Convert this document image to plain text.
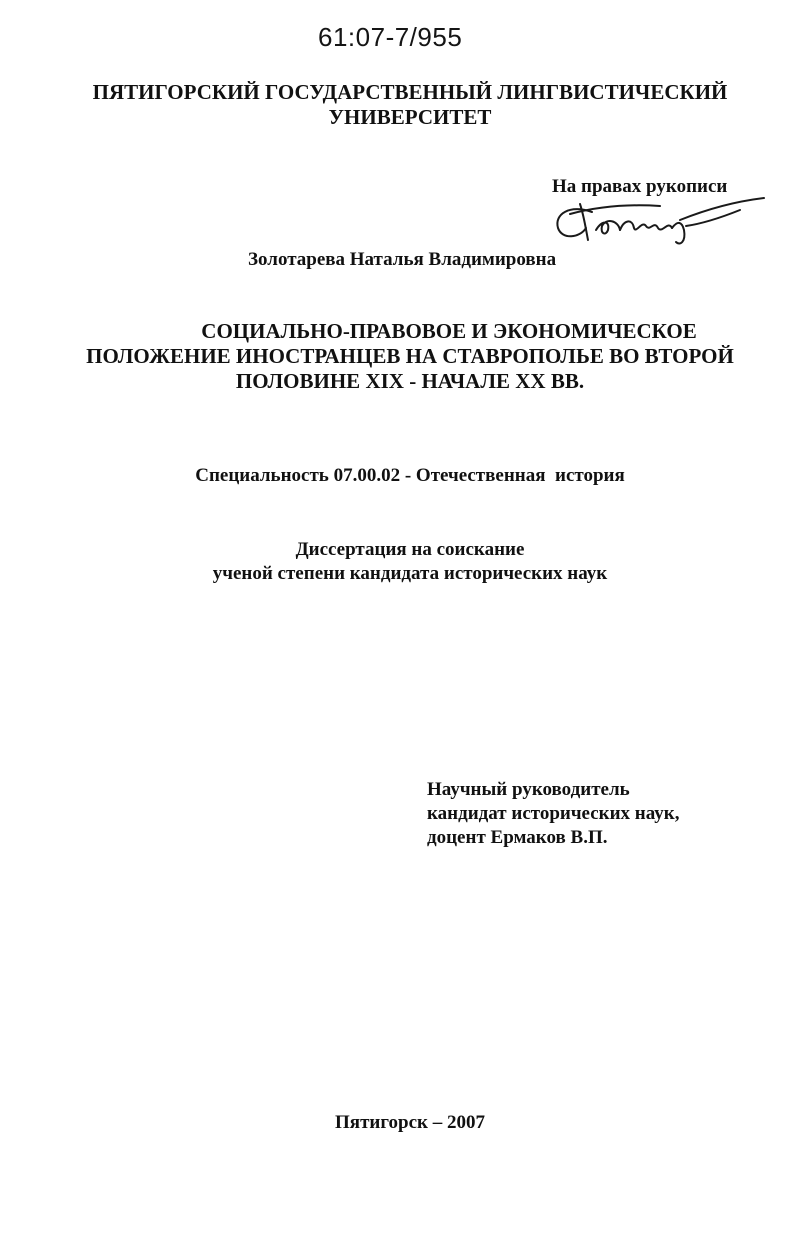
61:07-7/955
ПЯТИГОРСКИЙ ГОСУДАРСТВЕННЫЙ ЛИНГВИСТИЧЕСКИЙ
УНИВЕРСИТЕТ
На правах рукописи
Золотарева Наталья Владимировна
СОЦИАЛЬНО-ПРАВОВОЕ И ЭКОНОМИЧЕСКОЕ
ПОЛОЖЕНИЕ ИНОСТРАНЦЕВ НА СТАВРОПОЛЬЕ ВО ВТОРОЙ
ПОЛОВИНЕ XIX - НАЧАЛЕ XX ВВ.
Специальность 07.00.02 - Отечественная  история
Диссертация на соискание
ученой степени кандидата исторических наук
Научный руководитель
кандидат исторических наук,
доцент Ермаков В.П.
Пятигорск – 2007
